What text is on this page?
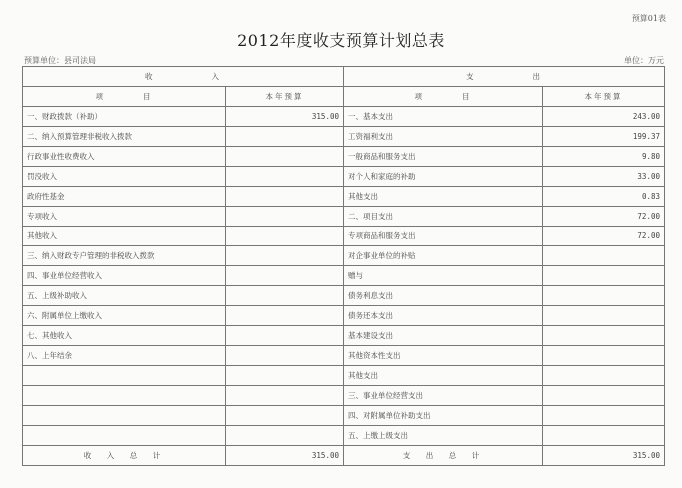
预算01表
2012年度收支预算计划总表
预算单位：县司法局	单位：万元
收　　　　　　入		支　　　　　　出	
项　　　　目	本年预算	项　　　　目	本年预算
一、财政拨款（补助）	315.00	一、基本支出	243.00
二、纳入预算管理非税收入拨款		工资福利支出	199.37
行政事业性收费收入		一般商品和服务支出	9.80
罚没收入		对个人和家庭的补助	33.00
政府性基金		其他支出	0.83
专项收入		二、项目支出	72.00
其他收入		专项商品和服务支出	72.00
三、纳入财政专户管理的非税收入拨款		对企事业单位的补贴	
四、事业单位经营收入		赠与	
五、上级补助收入		债务利息支出	
六、附属单位上缴收入		债务还本支出	
七、其他收入		基本建设支出	
八、上年结余		其他资本性支出	
		其他支出	
		三、事业单位经营支出	
		四、对附属单位补助支出	
		五、上缴上级支出	
收　入　总　计	315.00	支　出　总　计	315.00
